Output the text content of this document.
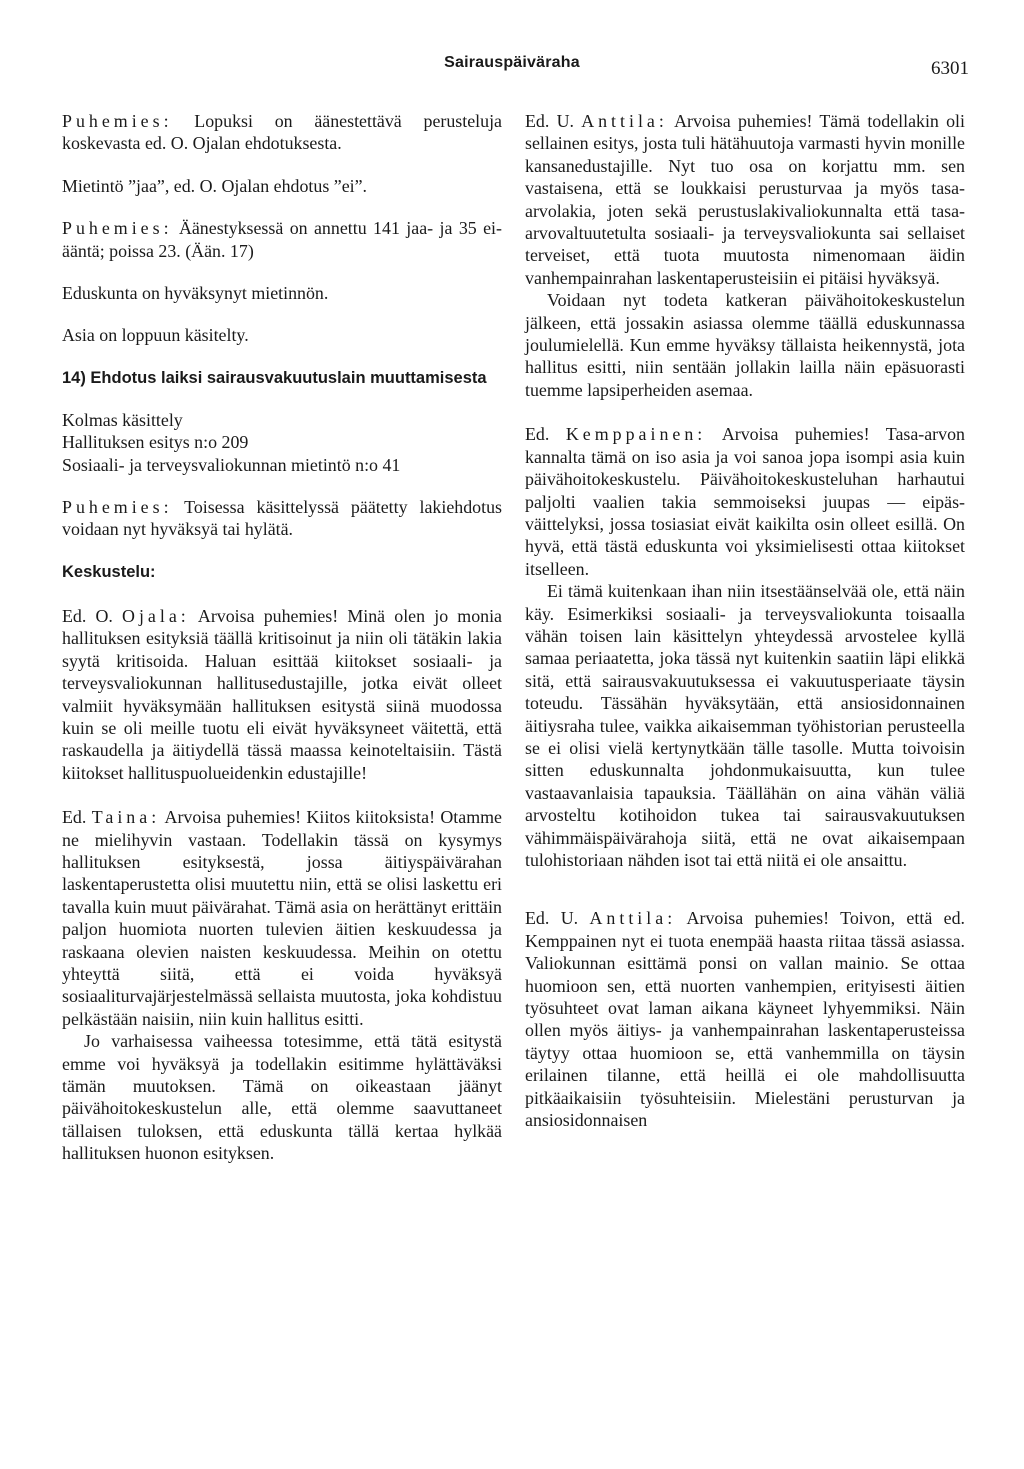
Sairauspäiväraha	6301

Puhemies: Lopuksi on äänestettävä perusteluja koskevasta ed. O. Ojalan ehdotuksesta.

Mietintö ”jaa”, ed. O. Ojalan ehdotus ”ei”.

Puhemies: Äänestyksessä on annettu 141 jaa- ja 35 ei-ääntä; poissa 23. (Ään. 17)

Eduskunta on hyväksynyt mietinnön.

Asia on loppuun käsitelty.

14) Ehdotus laiksi sairausvakuutuslain muuttamisesta
Kolmas käsittely
Hallituksen esitys n:o 209
Sosiaali- ja terveysvaliokunnan mietintö n:o 41

Puhemies: Toisessa käsittelyssä päätetty lakiehdotus voidaan nyt hyväksyä tai hylätä.

Keskustelu:

Ed. O. Ojala: Arvoisa puhemies! Minä olen jo monia hallituksen esityksiä täällä kritisoinut ja niin oli tätäkin lakia syytä kritisoida. Haluan esittää kiitokset sosiaali- ja terveysvaliokunnan hallitusedustajille, jotka eivät olleet valmiit hyväksymään hallituksen esitystä siinä muodossa kuin se oli meille tuotu eli eivät hyväksyneet väitettä, että raskaudella ja äitiydellä tässä maassa keinoteltaisiin. Tästä kiitokset hallituspuolueidenkin edustajille!

Ed. Taina: Arvoisa puhemies! Kiitos kiitoksista! Otamme ne mielihyvin vastaan. Todellakin tässä on kysymys hallituksen esityksestä, jossa äitiyspäivärahan laskentaperustetta olisi muutettu niin, että se olisi laskettu eri tavalla kuin muut päivärahat. Tämä asia on herättänyt erittäin paljon huomiota nuorten tulevien äitien keskuudessa ja raskaana olevien naisten keskuudessa. Meihin on otettu yhteyttä siitä, että ei voida hyväksyä sosiaaliturvajärjestelmässä sellaista muutosta, joka kohdistuu pelkästään naisiin, niin kuin hallitus esitti.

Jo varhaisessa vaiheessa totesimme, että tätä esitystä emme voi hyväksyä ja todellakin esitimme hylättäväksi tämän muutoksen. Tämä on oikeastaan jäänyt päivähoitokeskustelun alle, että olemme saavuttaneet tällaisen tuloksen, että eduskunta tällä kertaa hylkää hallituksen huonon esityksen.

Ed. U. Anttila: Arvoisa puhemies! Tämä todellakin oli sellainen esitys, josta tuli hätähuutoja varmasti hyvin monille kansanedustajille. Nyt tuo osa on korjattu mm. sen vastaisena, että se loukkaisi perusturvaa ja myös tasa-arvolakia, joten sekä perustuslakivaliokunnalta että tasa-arvovaltuutetulta sosiaali- ja terveysvaliokunta sai sellaiset terveiset, että tuota muutosta nimenomaan äidin vanhempainrahan laskentaperusteisiin ei pitäisi hyväksyä.

Voidaan nyt todeta katkeran päivähoitokeskustelun jälkeen, että jossakin asiassa olemme täällä eduskunnassa joulumielellä. Kun emme hyväksy tällaista heikennystä, jota hallitus esitti, niin sentään jollakin lailla näin epäsuorasti tuemme lapsiperheiden asemaa.

Ed. Kemppainen: Arvoisa puhemies! Tasa-arvon kannalta tämä on iso asia ja voi sanoa jopa isompi asia kuin päivähoitokeskustelu. Päivähoitokeskusteluhan harhautui paljolti vaalien takia semmoiseksi juupas — eipäs-väittelyksi, jossa tosiasiat eivät kaikilta osin olleet esillä. On hyvä, että tästä eduskunta voi yksimielisesti ottaa kiitokset itselleen.

Ei tämä kuitenkaan ihan niin itsestäänselvää ole, että näin käy. Esimerkiksi sosiaali- ja terveysvaliokunta toisaalla vähän toisen lain käsittelyn yhteydessä arvostelee kyllä samaa periaatetta, joka tässä nyt kuitenkin saatiin läpi elikkä sitä, että sairausvakuutuksessa ei vakuutusperiaate täysin toteudu. Tässähän hyväksytään, että ansiosidonnainen äitiysraha tulee, vaikka aikaisemman työhistorian perusteella se ei olisi vielä kertynytkään tälle tasolle. Mutta toivoisin sitten eduskunnalta johdonmukaisuutta, kun tulee vastaavanlaisia tapauksia. Täällähän on aina vähän väliä arvosteltu kotihoidon tukea tai sairausvakuutuksen vähimmäispäivärahoja siitä, että ne ovat aikaisempaan tulohistoriaan nähden isot tai että niitä ei ole ansaittu.

Ed. U. Anttila: Arvoisa puhemies! Toivon, että ed. Kemppainen nyt ei tuota enempää haasta riitaa tässä asiassa. Valiokunnan esittämä ponsi on vallan mainio. Se ottaa huomioon sen, että nuorten vanhempien, erityisesti äitien työsuhteet ovat laman aikana käyneet lyhyemmiksi. Näin ollen myös äitiys- ja vanhempainrahan laskentaperusteissa täytyy ottaa huomioon se, että vanhemmilla on täysin erilainen tilanne, että heillä ei ole mahdollisuutta pitkäaikaisiin työsuhteisiin. Mielestäni perusturvan ja ansiosidonnaisen
